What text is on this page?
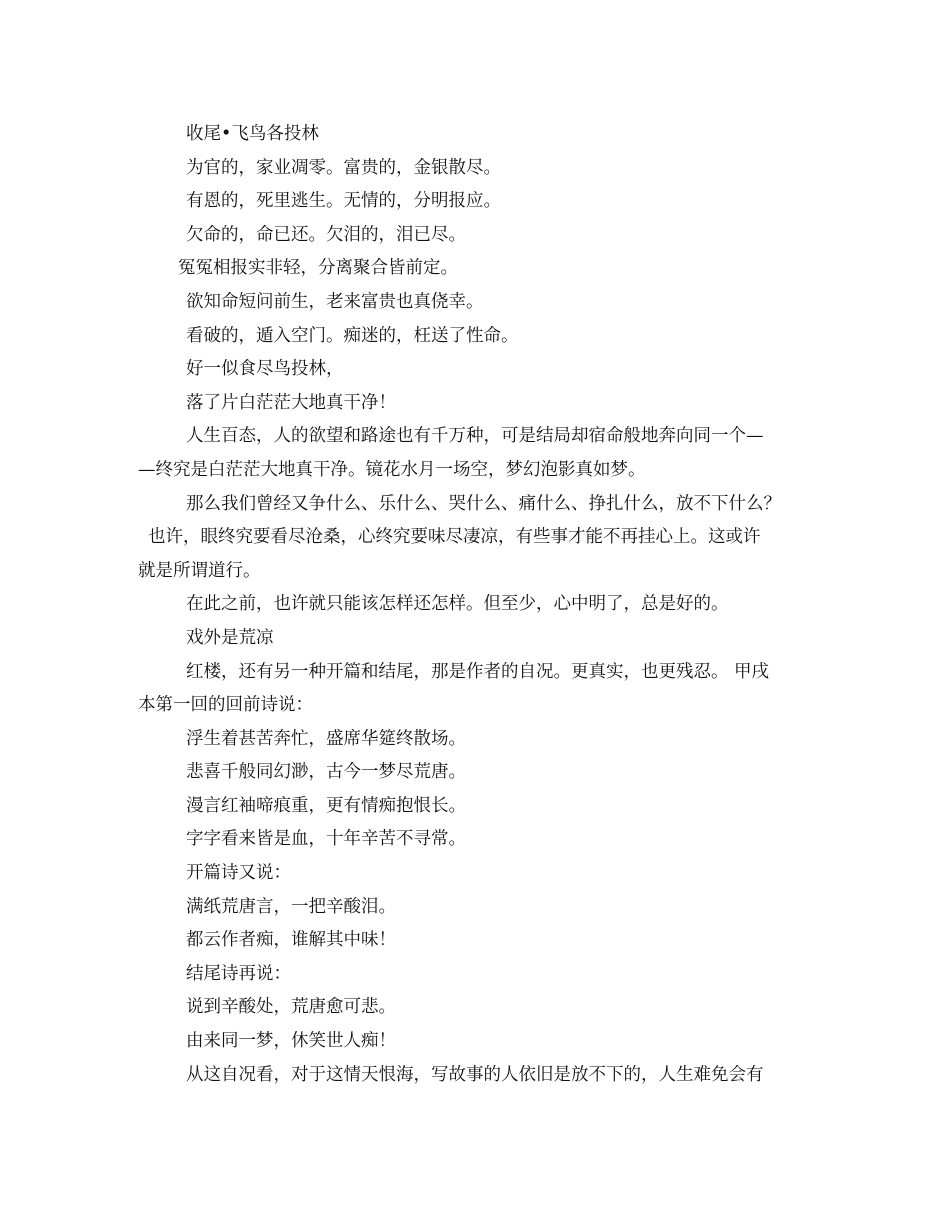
收尾•飞鸟各投林
为官的，家业凋零。富贵的，金银散尽。
有恩的，死里逃生。无情的，分明报应。
欠命的，命已还。欠泪的，泪已尽。
冤冤相报实非轻，分离聚合皆前定。
欲知命短问前生，老来富贵也真侥幸。
看破的，遁入空门。痴迷的，枉送了性命。
好一似食尽鸟投林，
落了片白茫茫大地真干净！
人生百态，人的欲望和路途也有千万种，可是结局却宿命般地奔向同一个—
—终究是白茫茫大地真干净。镜花水月一场空，梦幻泡影真如梦。
那么我们曾经又争什么、乐什么、哭什么、痛什么、挣扎什么，放不下什么？
也许，眼终究要看尽沧桑，心终究要味尽凄凉，有些事才能不再挂心上。这或许
就是所谓道行。
在此之前，也许就只能该怎样还怎样。但至少，心中明了，总是好的。
戏外是荒凉
红楼，还有另一种开篇和结尾，那是作者的自况。更真实，也更残忍。 甲戌
本第一回的回前诗说：
浮生着甚苦奔忙，盛席华筵终散场。
悲喜千般同幻渺，古今一梦尽荒唐。
漫言红袖啼痕重，更有情痴抱恨长。
字字看来皆是血，十年辛苦不寻常。
开篇诗又说：
满纸荒唐言，一把辛酸泪。
都云作者痴，谁解其中味！
结尾诗再说：
说到辛酸处，荒唐愈可悲。
由来同一梦，休笑世人痴！
从这自况看，对于这情天恨海，写故事的人依旧是放不下的，人生难免会有
